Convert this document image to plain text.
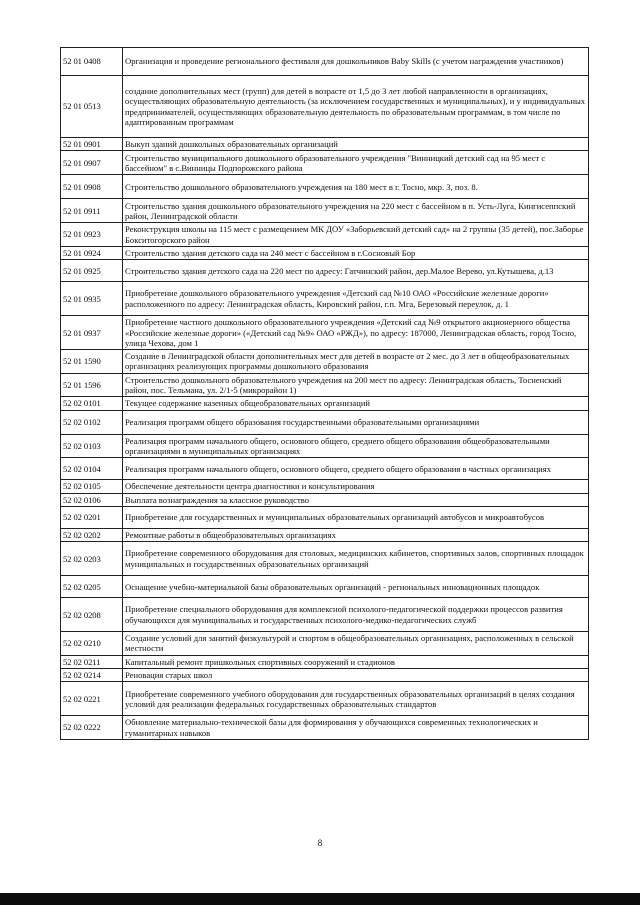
52 01 0408	Организация и проведение регионального фестиваля для дошкольников Baby Skills (с учетом награждения участников)
52 01 0513	создание дополнительных мест (групп) для детей в возрасте от 1,5 до 3 лет любой направленности в организациях, осуществляющих образовательную деятельность (за исключением государственных и муниципальных), и у индивидуальных предпринимателей, осуществляющих образовательную деятельность по образовательным программам, в том числе по адаптированным программам
52 01 0901	Выкуп зданий дошкольных образовательных организаций
52 01 0907	Строительство муниципального дошкольного образовательного учреждения "Винницкий детский сад на 95 мест с бассейном" в с.Винницы Подпорожского района
52 01 0908	Строительство дошкольного образовательного учреждения на 180 мест в г. Тосно, мкр. 3, поз. 8.
52 01 0911	Строительство здания дошкольного образовательного учреждения на 220 мест с бассейном в п. Усть-Луга, Кингисеппский район, Ленинградской области
52 01 0923	Реконструкция школы на 115 мест с размещением МК ДОУ «Заборьевский детский сад» на 2 группы (35 детей), пос.Заборье Бокситогорского район
52 01 0924	Строительство здания детского сада на 240 мест с бассейном в г.Сосновый Бор
52 01 0925	Строительство здания детского сада на 220 мест по адресу: Гатчинский район, дер.Малое Верево, ул.Кутышева, д.13
52 01 0935	Приобретение дошкольного образовательного учреждения «Детский сад №10 ОАО «Российские железные дороги» расположенного по адресу: Ленинградская область, Кировский район, г.п. Мга, Березовый переулок, д. 1
52 01 0937	Приобретение частного дошкольного образовательного учреждения «Детский сад №9 открытого акционерного общества «Российские железные дороги» («Детский сад №9» ОАО «РЖД»), по адресу: 187000, Ленинградская область, город Тосно, улица Чехова, дом 1
52 01 1590	Создание в Ленинградской области дополнительных мест для детей в возрасте от 2 мес. до 3 лет в общеобразовательных организациях реализующих программы дошкольного образования
52 01 1596	Строительство дошкольного образовательного учреждения на 200 мест по адресу: Ленинградская область, Тосненский район, пос. Тельмана, ул. 2/1-5 (микрорайон 1)
52 02 0101	Текущее содержание казенных общеобразовательных организаций
52 02 0102	Реализация программ общего образования государственными образовательными организациями
52 02 0103	Реализация программ начального общего, основного общего, среднего общего образования общеобразовательными организациями в муниципальных организациях
52 02 0104	Реализация программ начального общего, основного общего, среднего общего образования в частных организациях
52 02 0105	Обеспечение деятельности центра диагностики и консультирования
52 02 0106	Выплата вознаграждения за классное руководство
52 02 0201	Приобретение для государственных и муниципальных образовательных организаций автобусов и микроавтобусов
52 02 0202	Ремонтные работы в общеобразовательных организациях
52 02 0203	Приобретение современного оборудования для столовых, медицинских кабинетов, спортивных залов, спортивных площадок муниципальных и государственных образовательных организаций
52 02 0205	Оснащение учебно-материальной базы образовательных организаций - региональных инновационных площадок
52 02 0208	Приобретение специального оборудования для комплексной психолого-педагогической поддержки процессов развития обучающихся для муниципальных и государственных психолого-медико-педагогических служб
52 02 0210	Создание условий для занятий физкультурой и спортом в общеобразовательных организациях, расположенных в сельской местности
52 02 0211	Капитальный ремонт пришкольных спортивных сооружений и стадионов
52 02 0214	Реновация старых школ
52 02 0221	Приобретение современного учебного оборудования для государственных образовательных организаций в целях создания условий для реализации федеральных государственных образовательных стандартов
52 02 0222	Обновление материально-технической базы для формирования у обучающихся современных технологических и гуманитарных навыков
8
